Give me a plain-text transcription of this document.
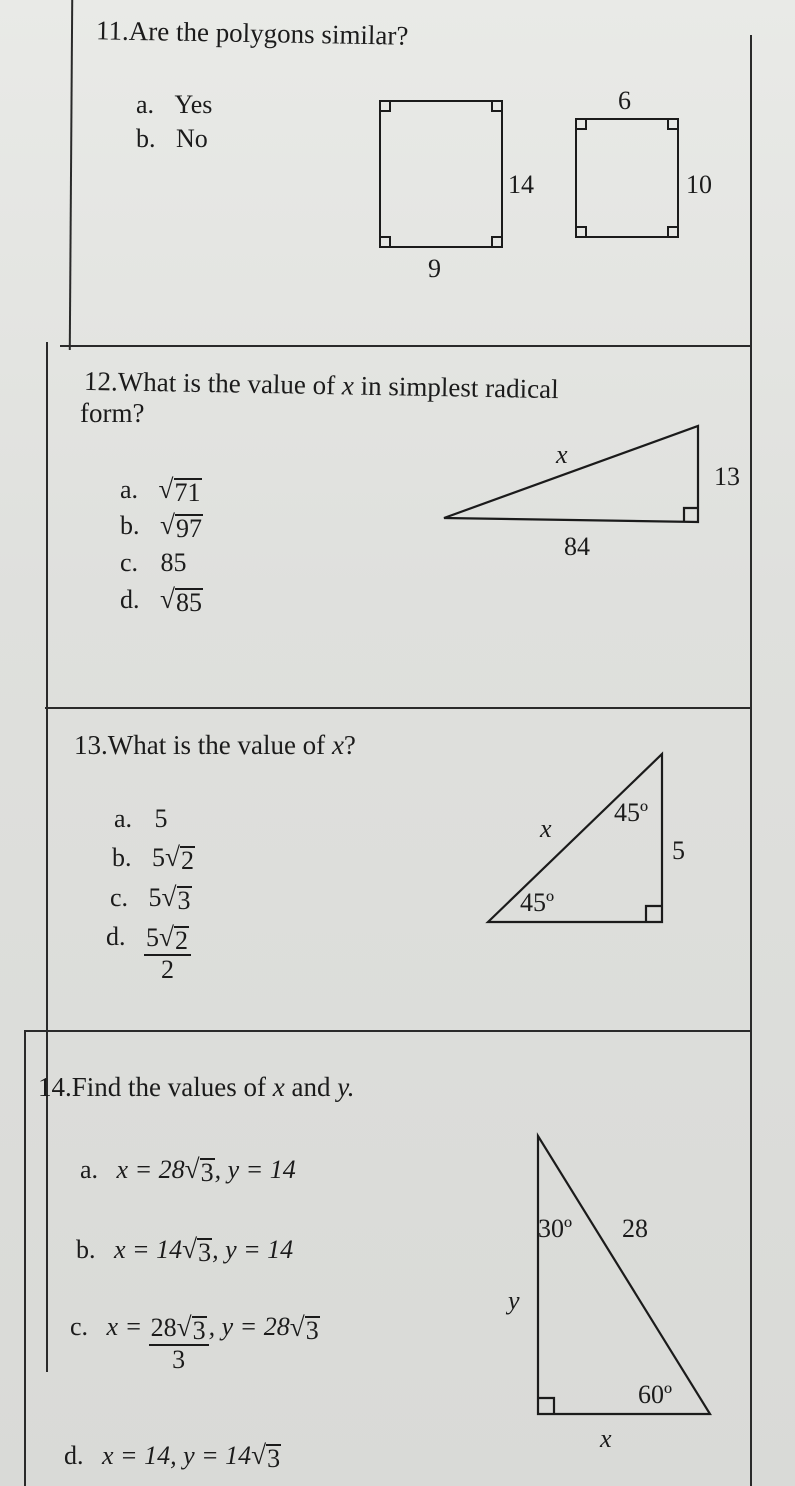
11.Are the polygons similar?
a. Yes
b. No
14
9
6
10
12.What is the value of x in simplest radical
form?
a. √ 71
b. √ 97
c. 85
d. √ 85
x
13
84
13.What is the value of x?
a. 5
b. 5 √ 2
c. 5 √ 3
d. $\frac{5 √ 2}{2}$
x
45º
45º
5
14.Find the values of x and y.
a. x = 28 √ 3 , y = 14
b. x = 14 √ 3 , y = 14
c. $x = \frac{28 √ 3}{3}$ , y = 28 √ 3
d. x = 14, y = 14 √ 3
30º 28
y
60º
x
